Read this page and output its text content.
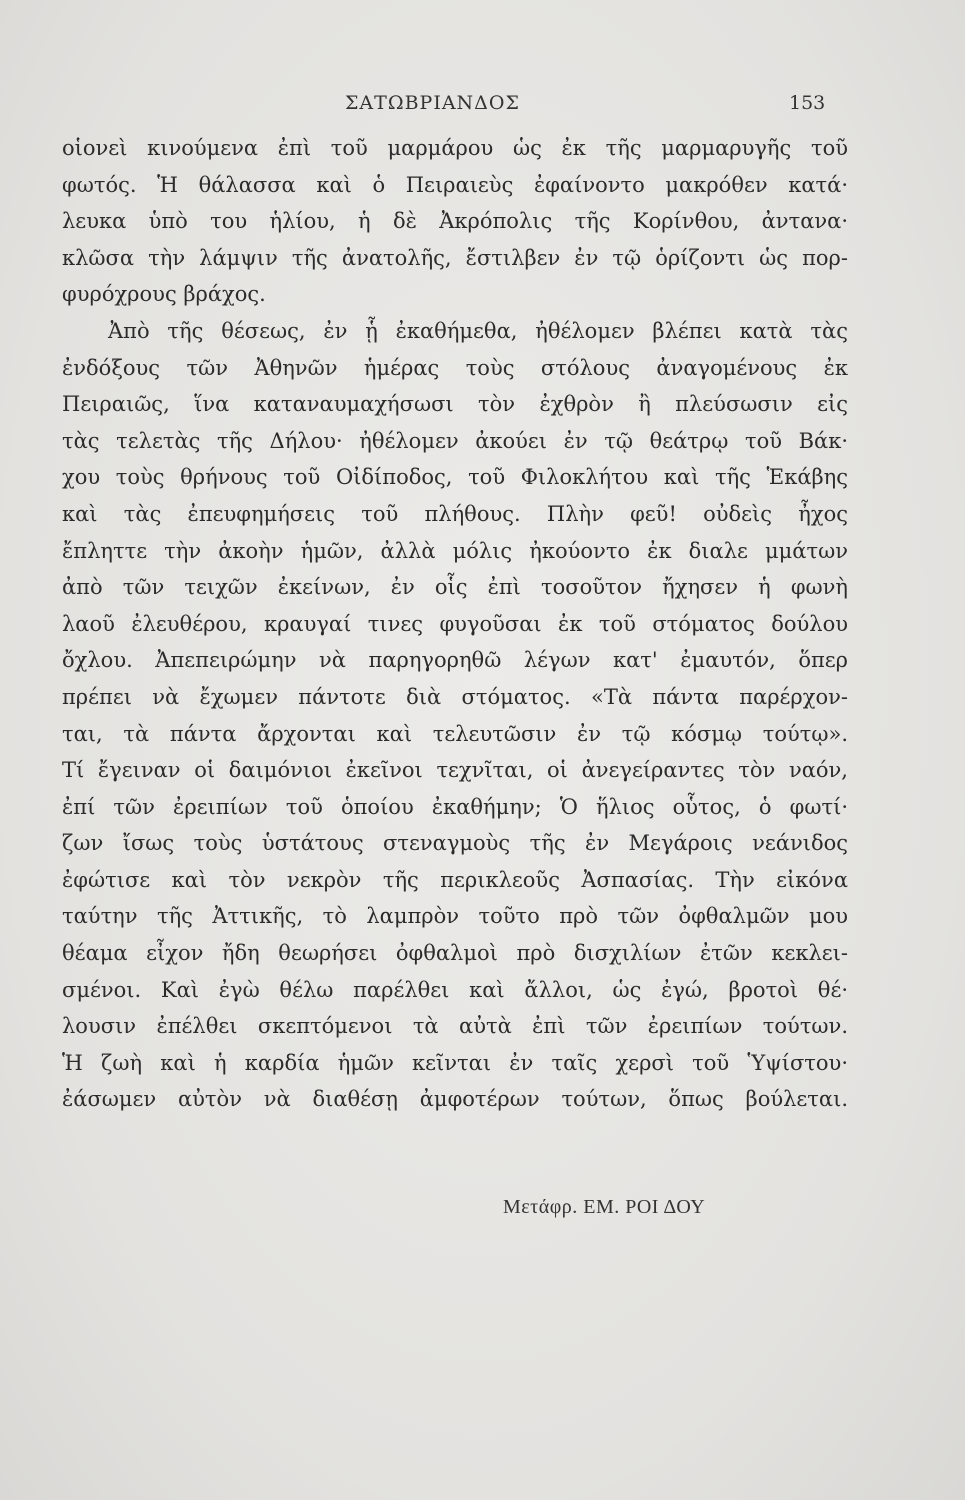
ΣΑΤΩΒΡΙΑΝΔΟΣ	153
οἱονεὶ κινούμενα ἐπὶ τοῦ μαρμάρου ὡς ἐκ τῆς μαρμαρυγῆς τοῦ
φωτός. Ἡ θάλασσα καὶ ὁ Πειραιεὺς ἐφαίνοντο μακρόθεν κατά·
λευκα ὑπὸ του ἡλίου, ἡ δὲ Ἀκρόπολις τῆς Κορίνθου, ἀντανα·
κλῶσα τὴν λάμψιν τῆς ἀνατολῆς, ἔστιλβεν ἐν τῷ ὁρίζοντι ὡς πορ-
φυρόχρους βράχος.
Ἀπὸ τῆς θέσεως, ἐν ᾗ ἐκαθήμεθα, ἠθέλομεν βλέπει κατὰ τὰς
ἐνδόξους τῶν Ἀθηνῶν ἡμέρας τοὺς στόλους ἀναγομένους ἐκ
Πειραιῶς, ἵνα καταναυμαχήσωσι τὸν ἐχθρὸν ἢ πλεύσωσιν εἰς
τὰς τελετὰς τῆς Δήλου· ἠθέλομεν ἀκούει ἐν τῷ θεάτρῳ τοῦ Βάκ·
χου τοὺς θρήνους τοῦ Οἰδίποδος, τοῦ Φιλοκλήτου καὶ τῆς Ἑκάβης
καὶ τὰς ἐπευφημήσεις τοῦ πλήθους. Πλὴν φεῦ! οὐδεὶς ἦχος
ἔπληττε τὴν ἀκοὴν ἡμῶν, ἀλλὰ μόλις ἠκούοντο ἐκ διαλε μμάτων
ἀπὸ τῶν τειχῶν ἐκείνων, ἐν οἷς ἐπὶ τοσοῦτον ἤχησεν ἡ φωνὴ
λαοῦ ἐλευθέρου, κραυγαί τινες φυγοῦσαι ἐκ τοῦ στόματος δούλου
ὄχλου. Ἀπεπειρώμην νὰ παρηγορηθῶ λέγων κατ' ἐμαυτόν, ὅπερ
πρέπει νὰ ἔχωμεν πάντοτε διὰ στόματος. «Τὰ πάντα παρέρχον-
ται, τὰ πάντα ἄρχονται καὶ τελευτῶσιν ἐν τῷ κόσμῳ τούτῳ».
Τί ἔγειναν οἱ δαιμόνιοι ἐκεῖνοι τεχνῖται, οἱ ἀνεγείραντες τὸν ναόν,
ἐπί τῶν ἐρειπίων τοῦ ὁποίου ἐκαθήμην; Ὁ ἥλιος οὗτος, ὁ φωτί·
ζων ἴσως τοὺς ὑστάτους στεναγμοὺς τῆς ἐν Μεγάροις νεάνιδος
ἐφώτισε καὶ τὸν νεκρὸν τῆς περικλεοῦς Ἀσπασίας. Τὴν εἰκόνα
ταύτην τῆς Ἀττικῆς, τὸ λαμπρὸν τοῦτο πρὸ τῶν ὀφθαλμῶν μου
θέαμα εἶχον ἤδη θεωρήσει ὀφθαλμοὶ πρὸ δισχιλίων ἐτῶν κεκλει-
σμένοι. Καὶ ἐγὼ θέλω παρέλθει καὶ ἄλλοι, ὡς ἐγώ, βροτοὶ θέ·
λουσιν ἐπέλθει σκεπτόμενοι τὰ αὐτὰ ἐπὶ τῶν ἐρειπίων τούτων.
Ἡ ζωὴ καὶ ἡ καρδία ἡμῶν κεῖνται ἐν ταῖς χερσὶ τοῦ Ὑψίστου·
ἐάσωμεν αὐτὸν νὰ διαθέσῃ ἀμφοτέρων τούτων, ὅπως βούλεται.
Μετάφρ. ΕΜ. ΡΟΙ ΔΟΥ
